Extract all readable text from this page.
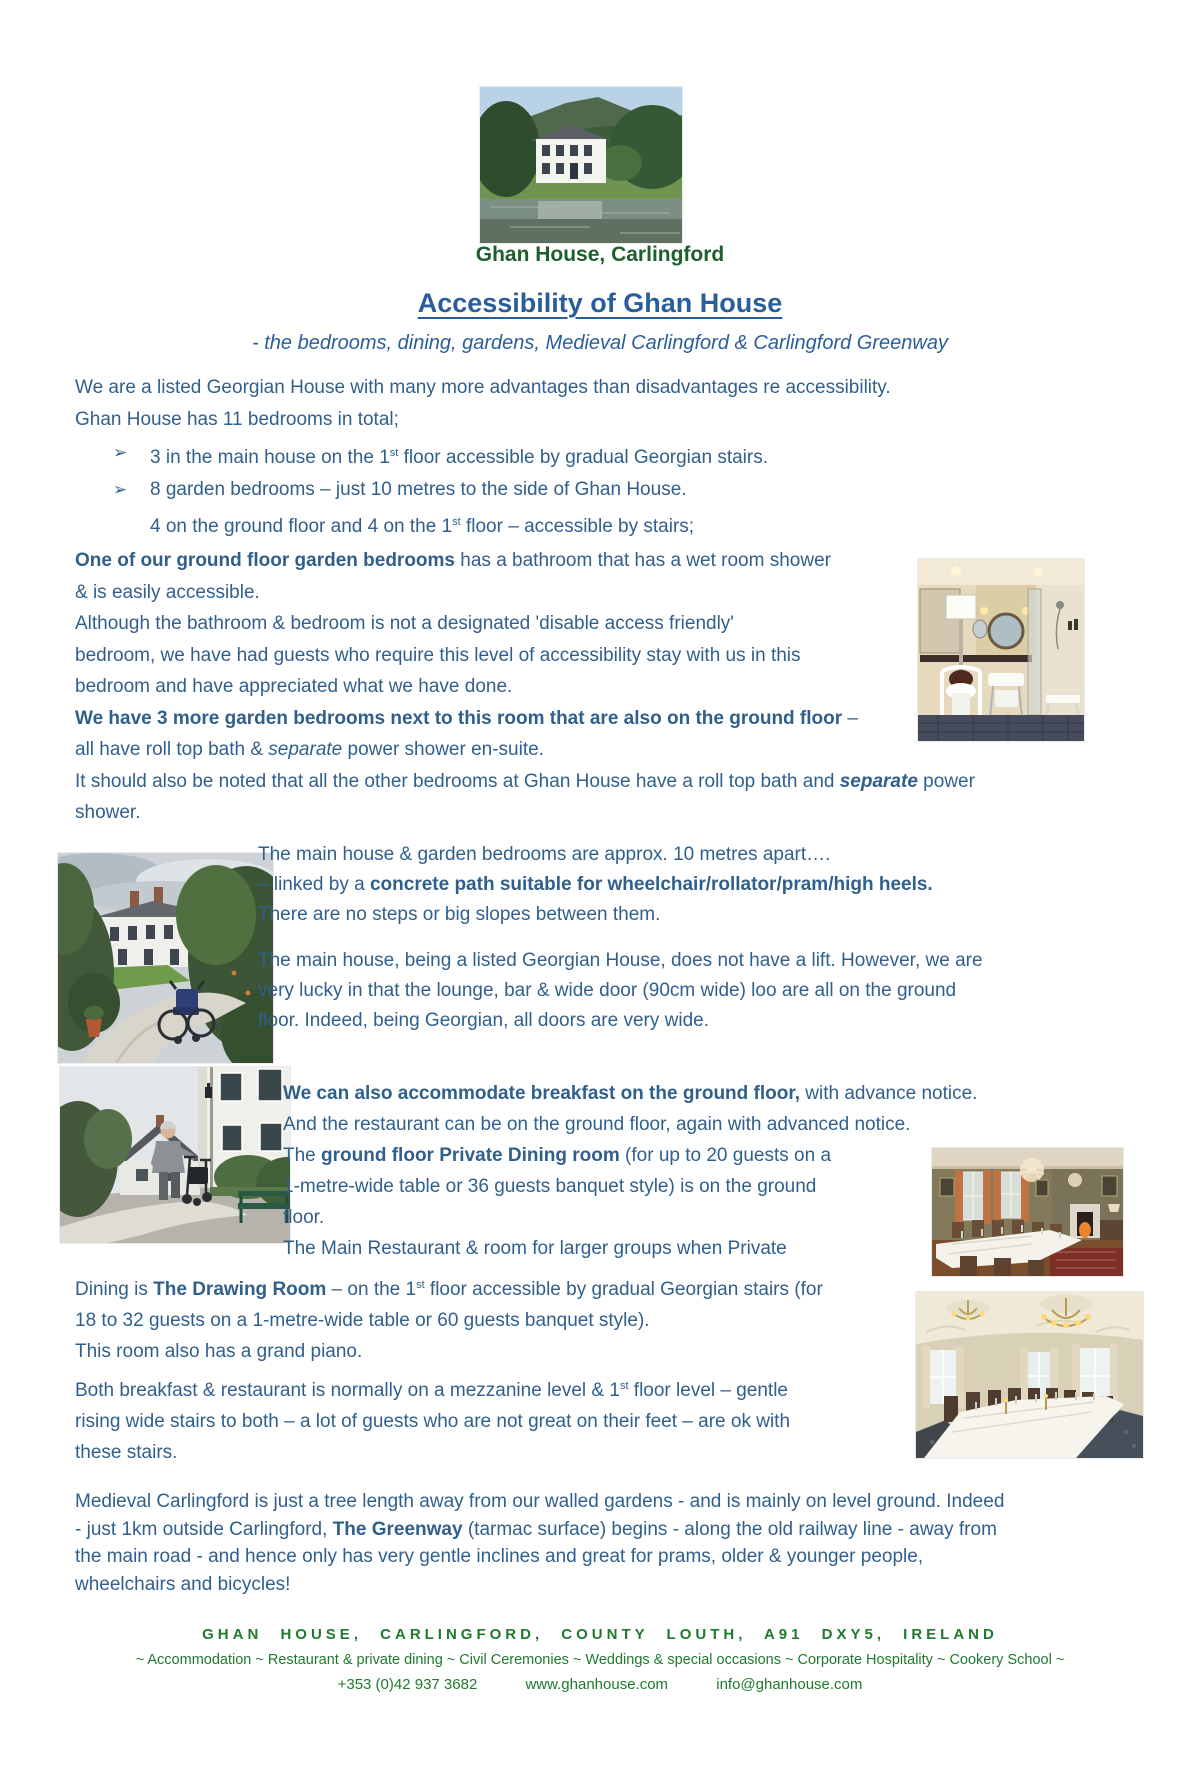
Ghan House, Carlingford
Accessibility of Ghan House
- the bedrooms, dining, gardens, Medieval Carlingford & Carlingford Greenway
We are a listed Georgian House with many more advantages than disadvantages re accessibility.
Ghan House has 11 bedrooms in total;
➢	3 in the main house on the 1st floor accessible by gradual Georgian stairs.
➢	8 garden bedrooms – just 10 metres to the side of Ghan House.
4 on the ground floor and 4 on the 1st floor – accessible by stairs;
One of our ground floor garden bedrooms has a bathroom that has a wet room shower
& is easily accessible.
Although the bathroom & bedroom is not a designated 'disable access friendly'
bedroom, we have had guests who require this level of accessibility stay with us in this
bedroom and have appreciated what we have done.
We have 3 more garden bedrooms next to this room that are also on the ground floor –
all have roll top bath & separate power shower en-suite.
It should also be noted that all the other bedrooms at Ghan House have a roll top bath and separate power
shower.
The main house & garden bedrooms are approx. 10 metres apart….
– linked by a concrete path suitable for wheelchair/rollator/pram/high heels.
There are no steps or big slopes between them.
The main house, being a listed Georgian House, does not have a lift. However, we are
very lucky in that the lounge, bar & wide door (90cm wide) loo are all on the ground
floor. Indeed, being Georgian, all doors are very wide.
We can also accommodate breakfast on the ground floor, with advance notice.
And the restaurant can be on the ground floor, again with advanced notice.
The ground floor Private Dining room (for up to 20 guests on a
1-metre-wide table or 36 guests banquet style) is on the ground
floor.
The Main Restaurant & room for larger groups when Private
Dining is The Drawing Room – on the 1st floor accessible by gradual Georgian stairs (for
18 to 32 guests on a 1-metre-wide table or 60 guests banquet style).
This room also has a grand piano.
Both breakfast & restaurant is normally on a mezzanine level & 1st floor level – gentle
rising wide stairs to both – a lot of guests who are not great on their feet – are ok with
these stairs.
Medieval Carlingford is just a tree length away from our walled gardens - and is mainly on level ground. Indeed
- just 1km outside Carlingford, The Greenway (tarmac surface) begins - along the old railway line - away from
the main road - and hence only has very gentle inclines and great for prams, older & younger people,
wheelchairs and bicycles!
GHAN HOUSE, CARLINGFORD, COUNTY LOUTH, A91 DXY5, IRELAND
~ Accommodation ~ Restaurant & private dining ~ Civil Ceremonies ~ Weddings & special occasions ~ Corporate Hospitality ~ Cookery School ~
+353 (0)42 937 3682	www.ghanhouse.com	info@ghanhouse.com
